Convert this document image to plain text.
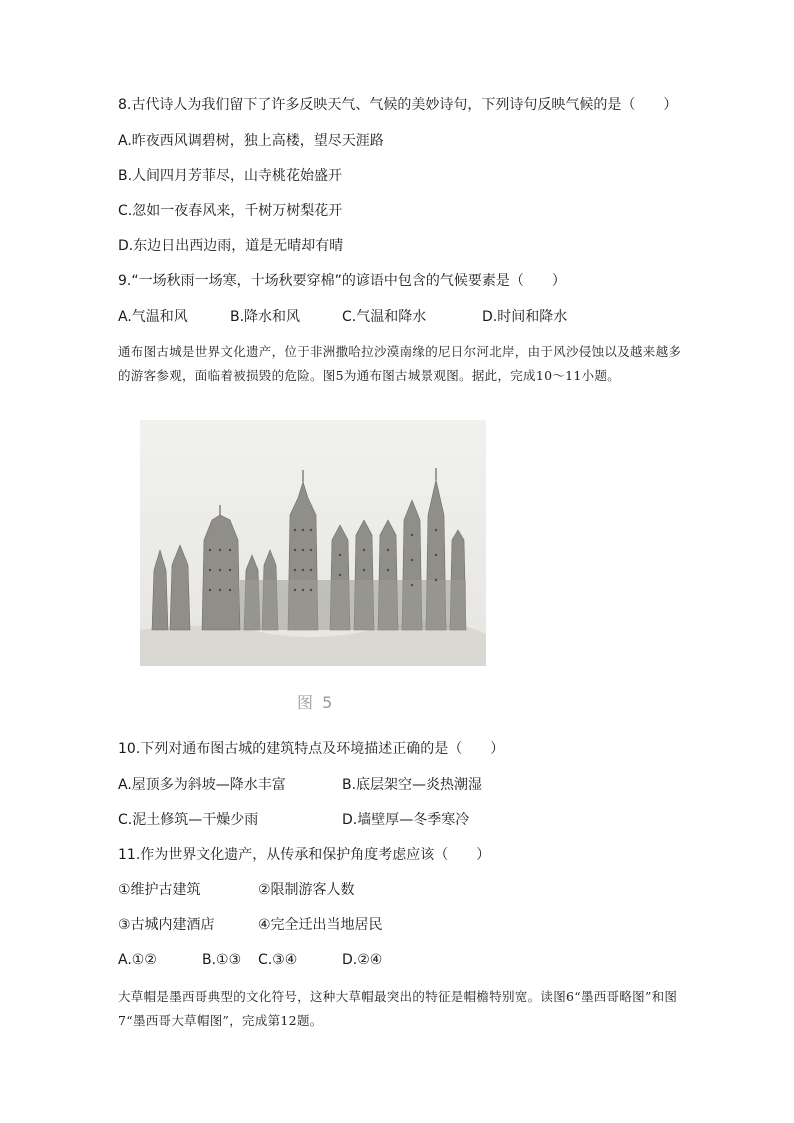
8.古代诗人为我们留下了许多反映天气、气候的美妙诗句，下列诗句反映气候的是（　　）
A.昨夜西风调碧树，独上高楼，望尽天涯路
B.人间四月芳菲尽，山寺桃花始盛开
C.忽如一夜春风来，千树万树梨花开
D.东边日出西边雨，道是无晴却有晴
9.“一场秋雨一场寒，十场秋要穿棉”的谚语中包含的气候要素是（　　）
A.气温和风	B.降水和风	C.气温和降水	D.时间和降水
通布图古城是世界文化遗产，位于非洲撒哈拉沙漠南缘的尼日尔河北岸，由于风沙侵蚀以及越来越多的游客参观，面临着被损毁的危险。图5为通布图古城景观图。据此，完成10～11小题。
图 5
10.下列对通布图古城的建筑特点及环境描述正确的是（　　）
A.屋顶多为斜坡—降水丰富	B.底层架空—炎热潮湿
C.泥土修筑—干燥少雨	D.墙壁厚—冬季寒冷
11.作为世界文化遗产，从传承和保护角度考虑应该（　　）
①维护古建筑	②限制游客人数
③古城内建酒店	④完全迁出当地居民
A.①②	B.①③ C.③④	D.②④
大草帽是墨西哥典型的文化符号，这种大草帽最突出的特征是帽檐特别宽。读图6“墨西哥略图”和图7“墨西哥大草帽图”，完成第12题。
